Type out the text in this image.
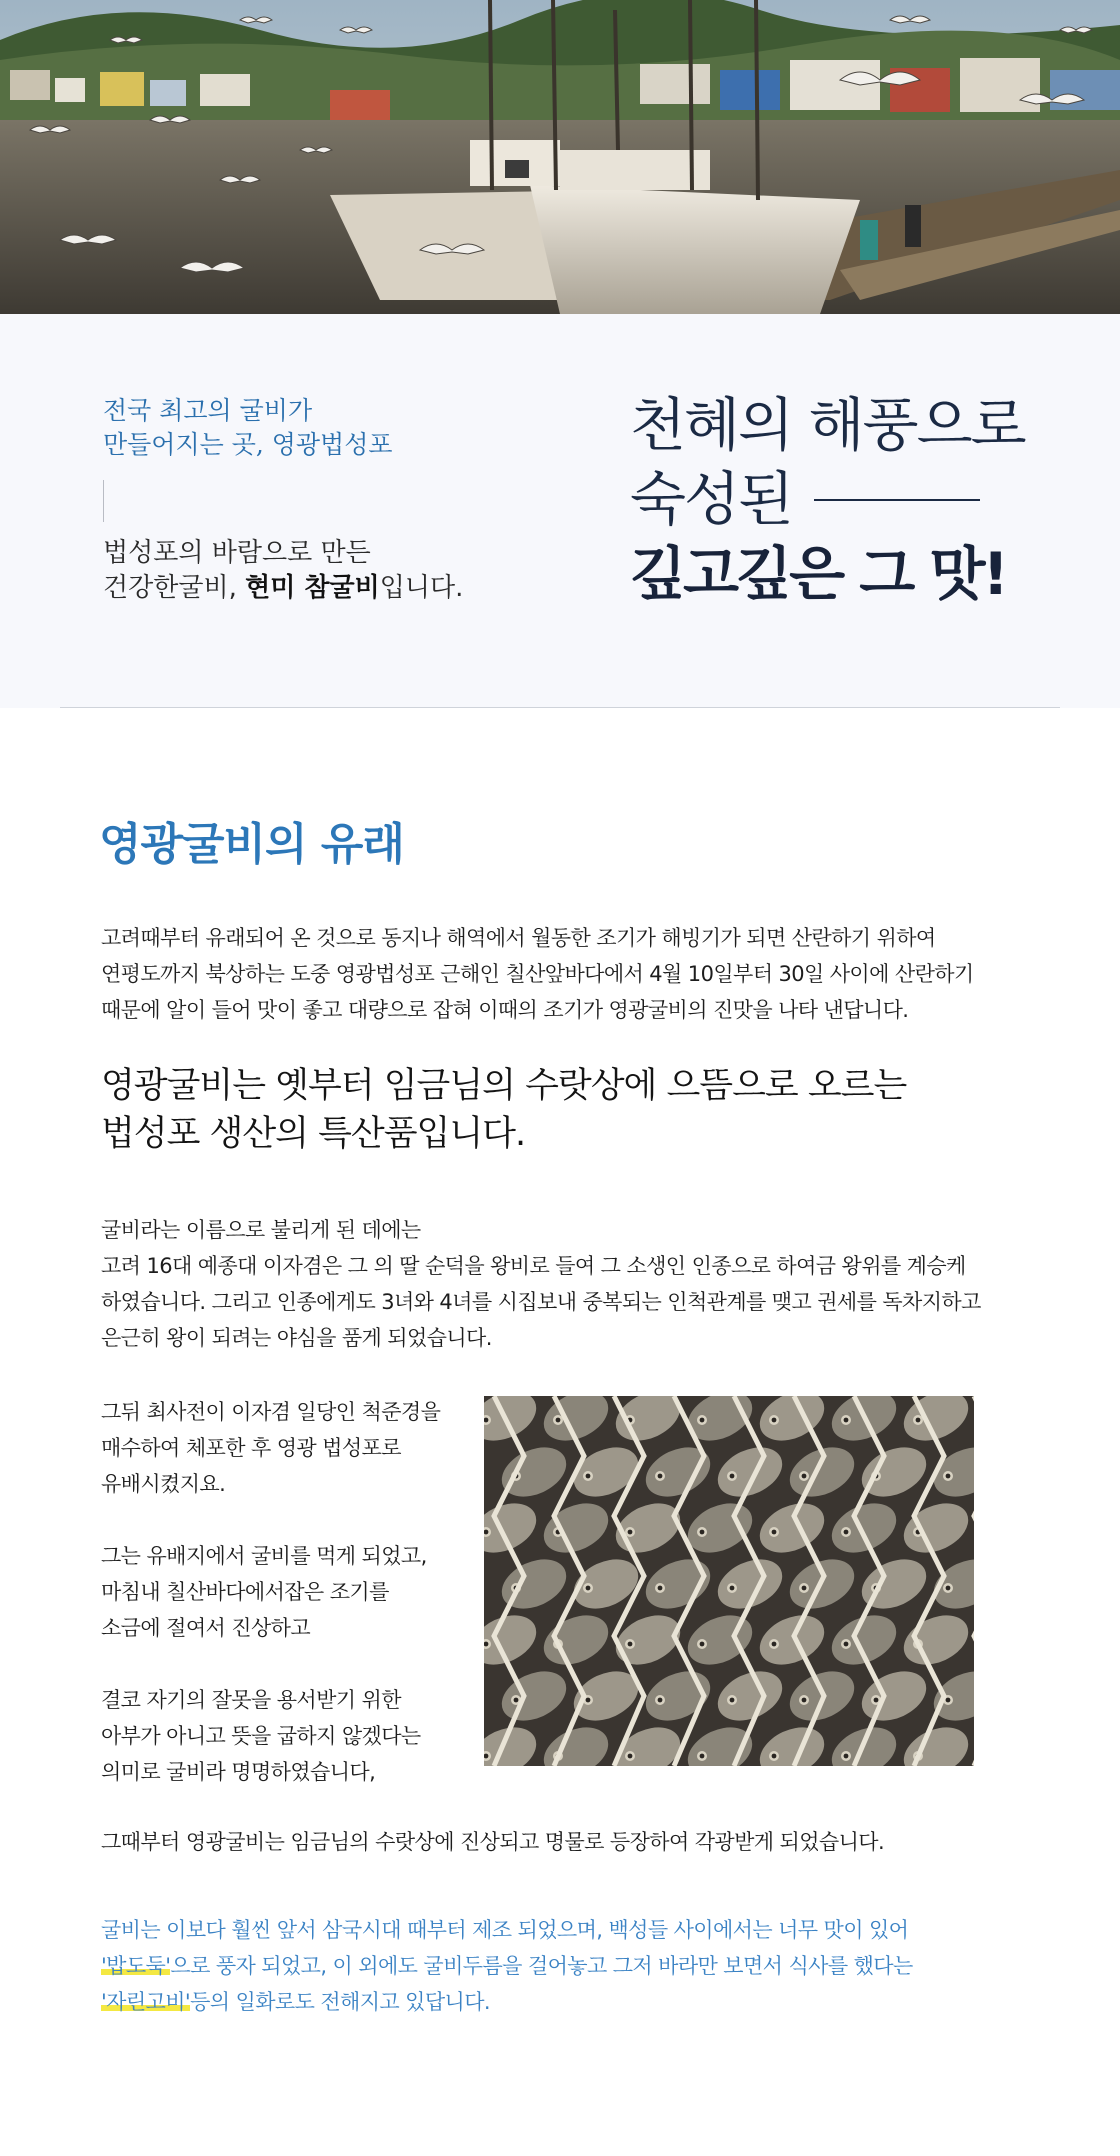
전국 최고의 굴비가
만들어지는 곳, 영광법성포
법성포의 바람으로 만든
건강한굴비, 현미 참굴비입니다.
천혜의 해풍으로
숙성된
깊고깊은 그 맛!
영광굴비의 유래
고려때부터 유래되어 온 것으로 동지나 해역에서 월동한 조기가 해빙기가 되면 산란하기 위하여
연평도까지 북상하는 도중 영광법성포 근해인 칠산앞바다에서 4월 10일부터 30일 사이에 산란하기
때문에 알이 들어 맛이 좋고 대량으로 잡혀 이때의 조기가 영광굴비의 진맛을 나타 낸답니다.
영광굴비는 옛부터 임금님의 수랏상에 으뜸으로 오르는
법성포 생산의 특산품입니다.
굴비라는 이름으로 불리게 된 데에는
고려 16대 예종대 이자겸은 그 의 딸 순덕을 왕비로 들여 그 소생인 인종으로 하여금 왕위를 계승케
하였습니다. 그리고 인종에게도 3녀와 4녀를 시집보내 중복되는 인척관계를 맺고 권세를 독차지하고
은근히 왕이 되려는 야심을 품게 되었습니다.
그뒤 최사전이 이자겸 일당인 척준경을
매수하여 체포한 후 영광 법성포로
유배시켰지요.
그는 유배지에서 굴비를 먹게 되었고,
마침내 칠산바다에서잡은 조기를
소금에 절여서 진상하고
결코 자기의 잘못을 용서받기 위한
아부가 아니고 뜻을 굽하지 않겠다는
의미로 굴비라 명명하였습니다,
그때부터 영광굴비는 임금님의 수랏상에 진상되고 명물로 등장하여 각광받게 되었습니다.
굴비는 이보다 훨씬 앞서 삼국시대 때부터 제조 되었으며, 백성들 사이에서는 너무 맛이 있어
'밥도둑'으로 풍자 되었고, 이 외에도 굴비두름을 걸어놓고 그저 바라만 보면서 식사를 했다는
'자린고비'등의 일화로도 전해지고 있답니다.
